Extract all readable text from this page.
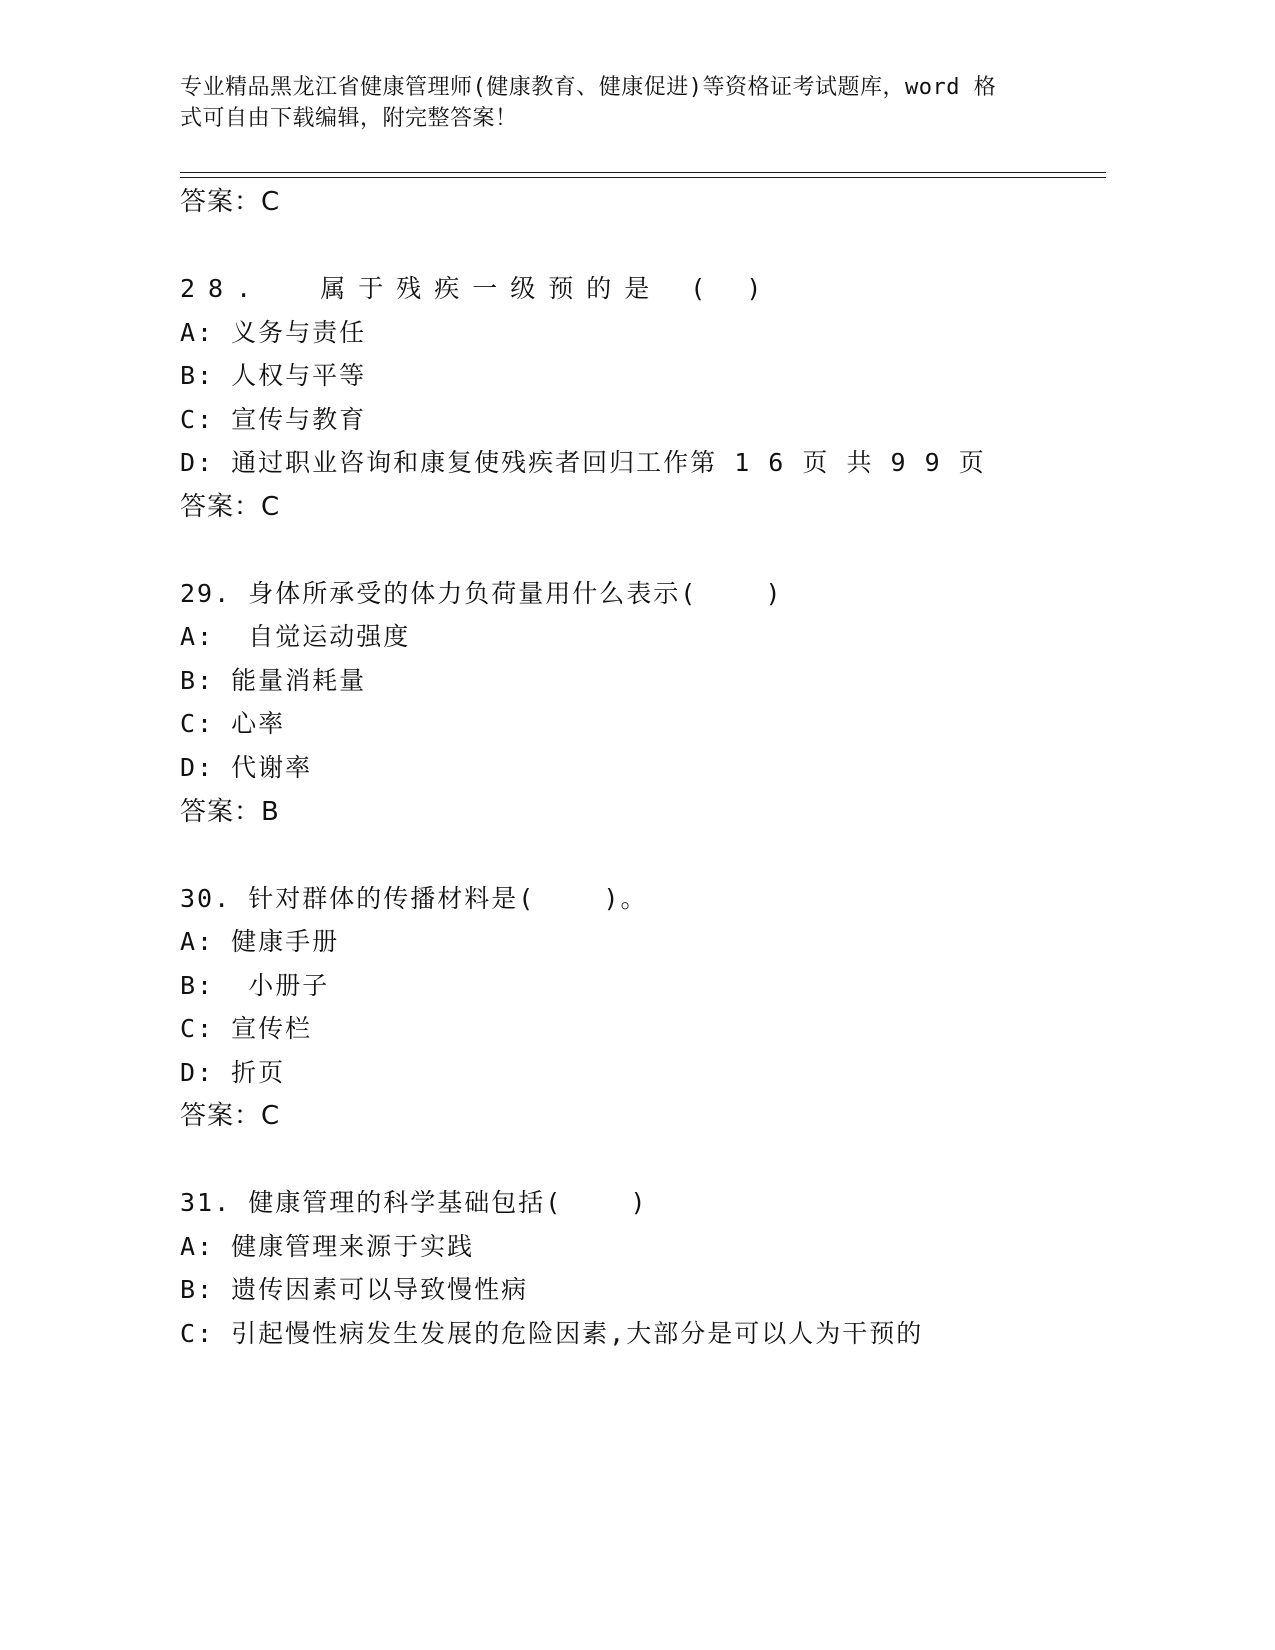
专业精品黑龙江省健康管理师(健康教育、健康促进)等资格证考试题库，word 格
式可自由下载编辑，附完整答案！
答案：C
28.  属于残疾一级预的是 ( )
A: 义务与责任
B: 人权与平等
C: 宣传与教育
D: 通过职业咨询和康复使残疾者回归工作第 1 6 页 共 9 9 页
答案：C
29. 身体所承受的体力负荷量用什么表示(    )
A:  自觉运动强度
B: 能量消耗量
C: 心率
D: 代谢率
答案：B
30. 针对群体的传播材料是(    )。
A: 健康手册
B:  小册子
C: 宣传栏
D: 折页
答案：C
31. 健康管理的科学基础包括(    )
A: 健康管理来源于实践
B: 遗传因素可以导致慢性病
C: 引起慢性病发生发展的危险因素,大部分是可以人为干预的
